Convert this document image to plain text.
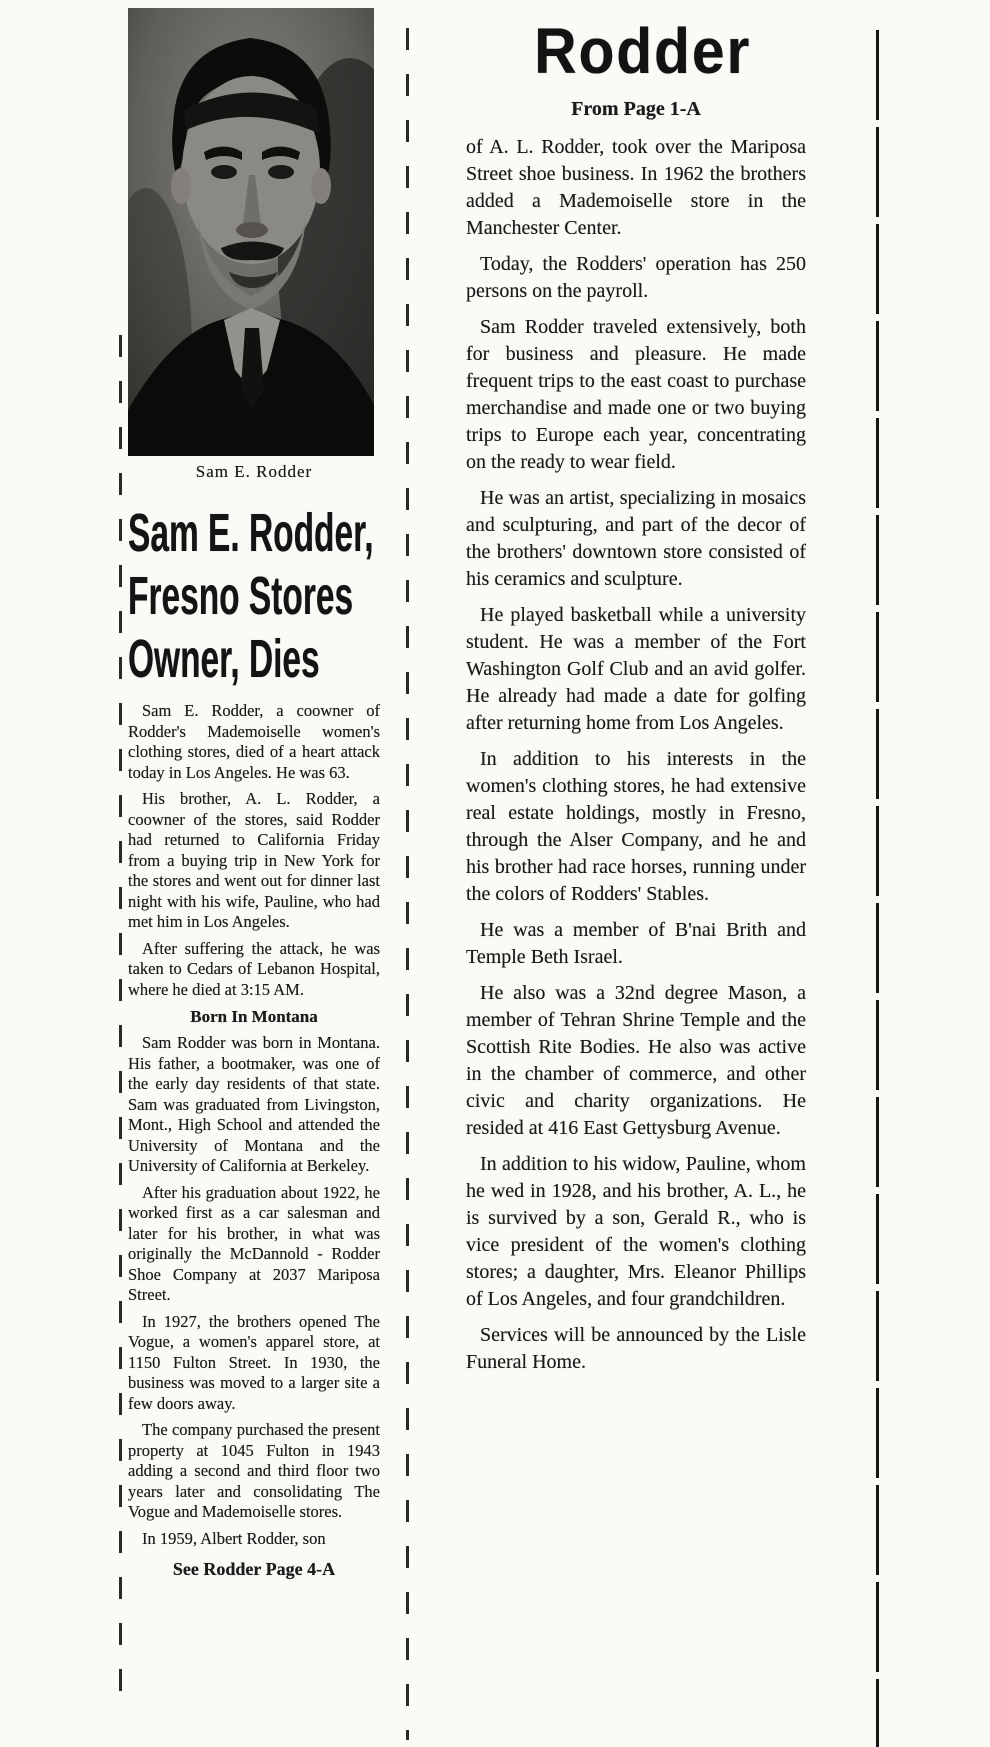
Sam E. Rodder
Sam E. Rodder,
Fresno Stores
Owner, Dies

Sam E. Rodder, a coowner of Rodder's Mademoiselle women's clothing stores, died of a heart attack today in Los Angeles. He was 63.

His brother, A. L. Rodder, a coowner of the stores, said Rodder had returned to California Friday from a buying trip in New York for the stores and went out for dinner last night with his wife, Pauline, who had met him in Los Angeles.

After suffering the attack, he was taken to Cedars of Lebanon Hospital, where he died at 3:15 AM.

Born In Montana

Sam Rodder was born in Montana. His father, a bootmaker, was one of the early day residents of that state. Sam was graduated from Livingston, Mont., High School and attended the University of Montana and the University of California at Berkeley.

After his graduation about 1922, he worked first as a car salesman and later for his brother, in what was originally the McDannold - Rodder Shoe Company at 2037 Mariposa Street.

In 1927, the brothers opened The Vogue, a women's apparel store, at 1150 Fulton Street. In 1930, the business was moved to a larger site a few doors away.

The company purchased the present property at 1045 Fulton in 1943 adding a second and third floor two years later and consolidating The Vogue and Mademoiselle stores.

In 1959, Albert Rodder, son

See Rodder Page 4-A
Rodder
From Page 1-A

of A. L. Rodder, took over the Mariposa Street shoe business. In 1962 the brothers added a Mademoiselle store in the Manchester Center.

Today, the Rodders' operation has 250 persons on the payroll.

Sam Rodder traveled extensively, both for business and pleasure. He made frequent trips to the east coast to purchase merchandise and made one or two buying trips to Europe each year, concentrating on the ready to wear field.

He was an artist, specializing in mosaics and sculpturing, and part of the decor of the brothers' downtown store consisted of his ceramics and sculpture.

He played basketball while a university student. He was a member of the Fort Washington Golf Club and an avid golfer. He already had made a date for golfing after returning home from Los Angeles.

In addition to his interests in the women's clothing stores, he had extensive real estate holdings, mostly in Fresno, through the Alser Company, and he and his brother had race horses, running under the colors of Rodders' Stables.

He was a member of B'nai Brith and Temple Beth Israel.

He also was a 32nd degree Mason, a member of Tehran Shrine Temple and the Scottish Rite Bodies. He also was active in the chamber of commerce, and other civic and charity organizations. He resided at 416 East Gettysburg Avenue.

In addition to his widow, Pauline, whom he wed in 1928, and his brother, A. L., he is survived by a son, Gerald R., who is vice president of the women's clothing stores; a daughter, Mrs. Eleanor Phillips of Los Angeles, and four grandchildren.

Services will be announced by the Lisle Funeral Home.
